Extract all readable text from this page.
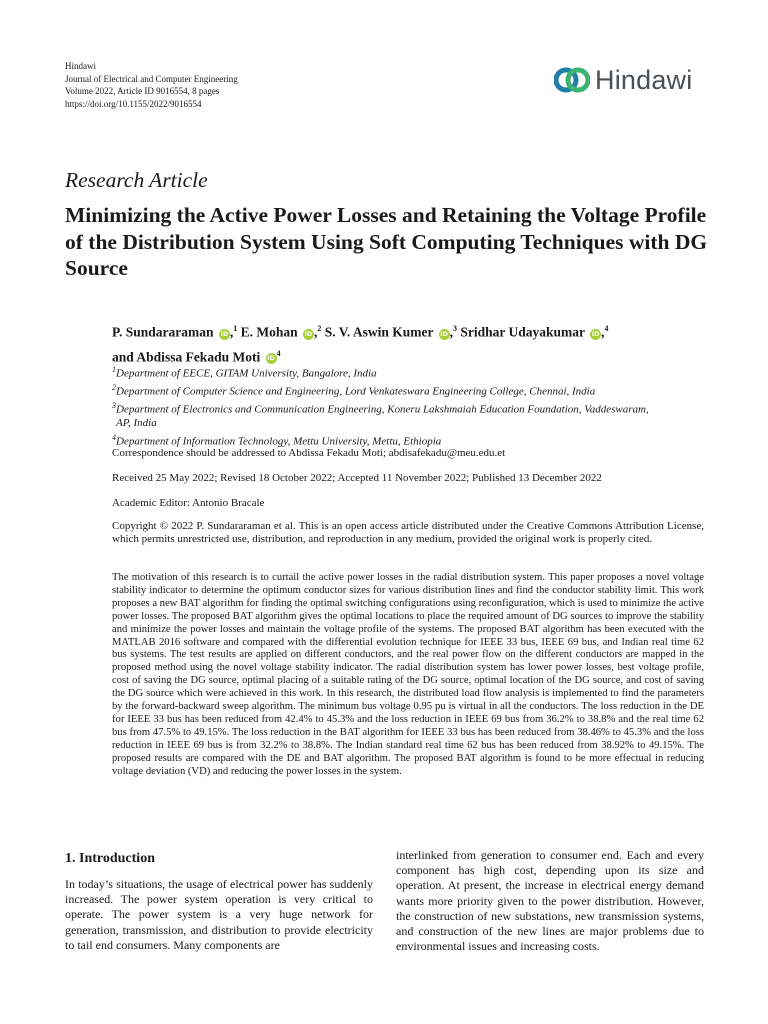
Hindawi
Journal of Electrical and Computer Engineering
Volume 2022, Article ID 9016554, 8 pages
https://doi.org/10.1155/2022/9016554
Hindawi
Research Article
Minimizing the Active Power Losses and Retaining the Voltage Profile of the Distribution System Using Soft Computing Techniques with DG Source
P. Sundararaman iD ,$^1$ E. Mohan iD ,$^2$ S. V. Aswin Kumer iD ,$^3$ Sridhar Udayakumar iD ,$^4$
and Abdissa Fekadu Moti $iD^4$
$^1$Department of EECE, GITAM University, Bangalore, India
$^2$Department of Computer Science and Engineering, Lord Venkateswara Engineering College, Chennai, India
$^3$Department of Electronics and Communication Engineering, Koneru Lakshmaiah Education Foundation, Vaddeswaram,
AP, India
$^4$Department of Information Technology, Mettu University, Mettu, Ethiopia
Correspondence should be addressed to Abdissa Fekadu Moti; abdisafekadu@meu.edu.et
Received 25 May 2022; Revised 18 October 2022; Accepted 11 November 2022; Published 13 December 2022
Academic Editor: Antonio Bracale

Copyright © 2022 P. Sundararaman et al. This is an open access article distributed under the Creative Commons Attribution License, which permits unrestricted use, distribution, and reproduction in any medium, provided the original work is properly cited.

The motivation of this research is to curtail the active power losses in the radial distribution system. This paper proposes a novel voltage stability indicator to determine the optimum conductor sizes for various distribution lines and find the conductor stability limit. This work proposes a new BAT algorithm for finding the optimal switching configurations using reconfiguration, which is used to minimize the active power losses. The proposed BAT algorithm gives the optimal locations to place the required amount of DG sources to improve the stability and minimize the power losses and maintain the voltage profile of the systems. The proposed BAT algorithm has been executed with the MATLAB 2016 software and compared with the differential evolution technique for IEEE 33 bus, IEEE 69 bus, and Indian real time 62 bus systems. The test results are applied on different conductors, and the real power flow on the different conductors are mapped in the proposed method using the novel voltage stability indicator. The radial distribution system has lower power losses, best voltage profile, cost of saving the DG source, optimal placing of a suitable rating of the DG source, optimal location of the DG source, and cost of saving the DG source which were achieved in this work. In this research, the distributed load flow analysis is implemented to find the parameters by the forward-backward sweep algorithm. The minimum bus voltage 0.95 pu is virtual in all the conductors. The loss reduction in the DE for IEEE 33 bus has been reduced from 42.4% to 45.3% and the loss reduction in IEEE 69 bus from 36.2% to 38.8% and the real time 62 bus from 47.5% to 49.15%. The loss reduction in the BAT algorithm for IEEE 33 bus has been reduced from 38.46% to 45.3% and the loss reduction in IEEE 69 bus is from 32.2% to 38.8%. The Indian standard real time 62 bus has been reduced from 38.92% to 49.15%. The proposed results are compared with the DE and BAT algorithm. The proposed BAT algorithm is found to be more effectual in reducing voltage deviation (VD) and reducing the power losses in the system.

1. Introduction

In today’s situations, the usage of electrical power has suddenly increased. The power system operation is very critical to operate. The power system is a very huge network for generation, transmission, and distribution to provide electricity to tail end consumers. Many components are

interlinked from generation to consumer end. Each and every component has high cost, depending upon its size and operation. At present, the increase in electrical energy demand wants more priority given to the power distribution. However, the construction of new substations, new transmission systems, and construction of the new lines are major problems due to environmental issues and increasing costs.
